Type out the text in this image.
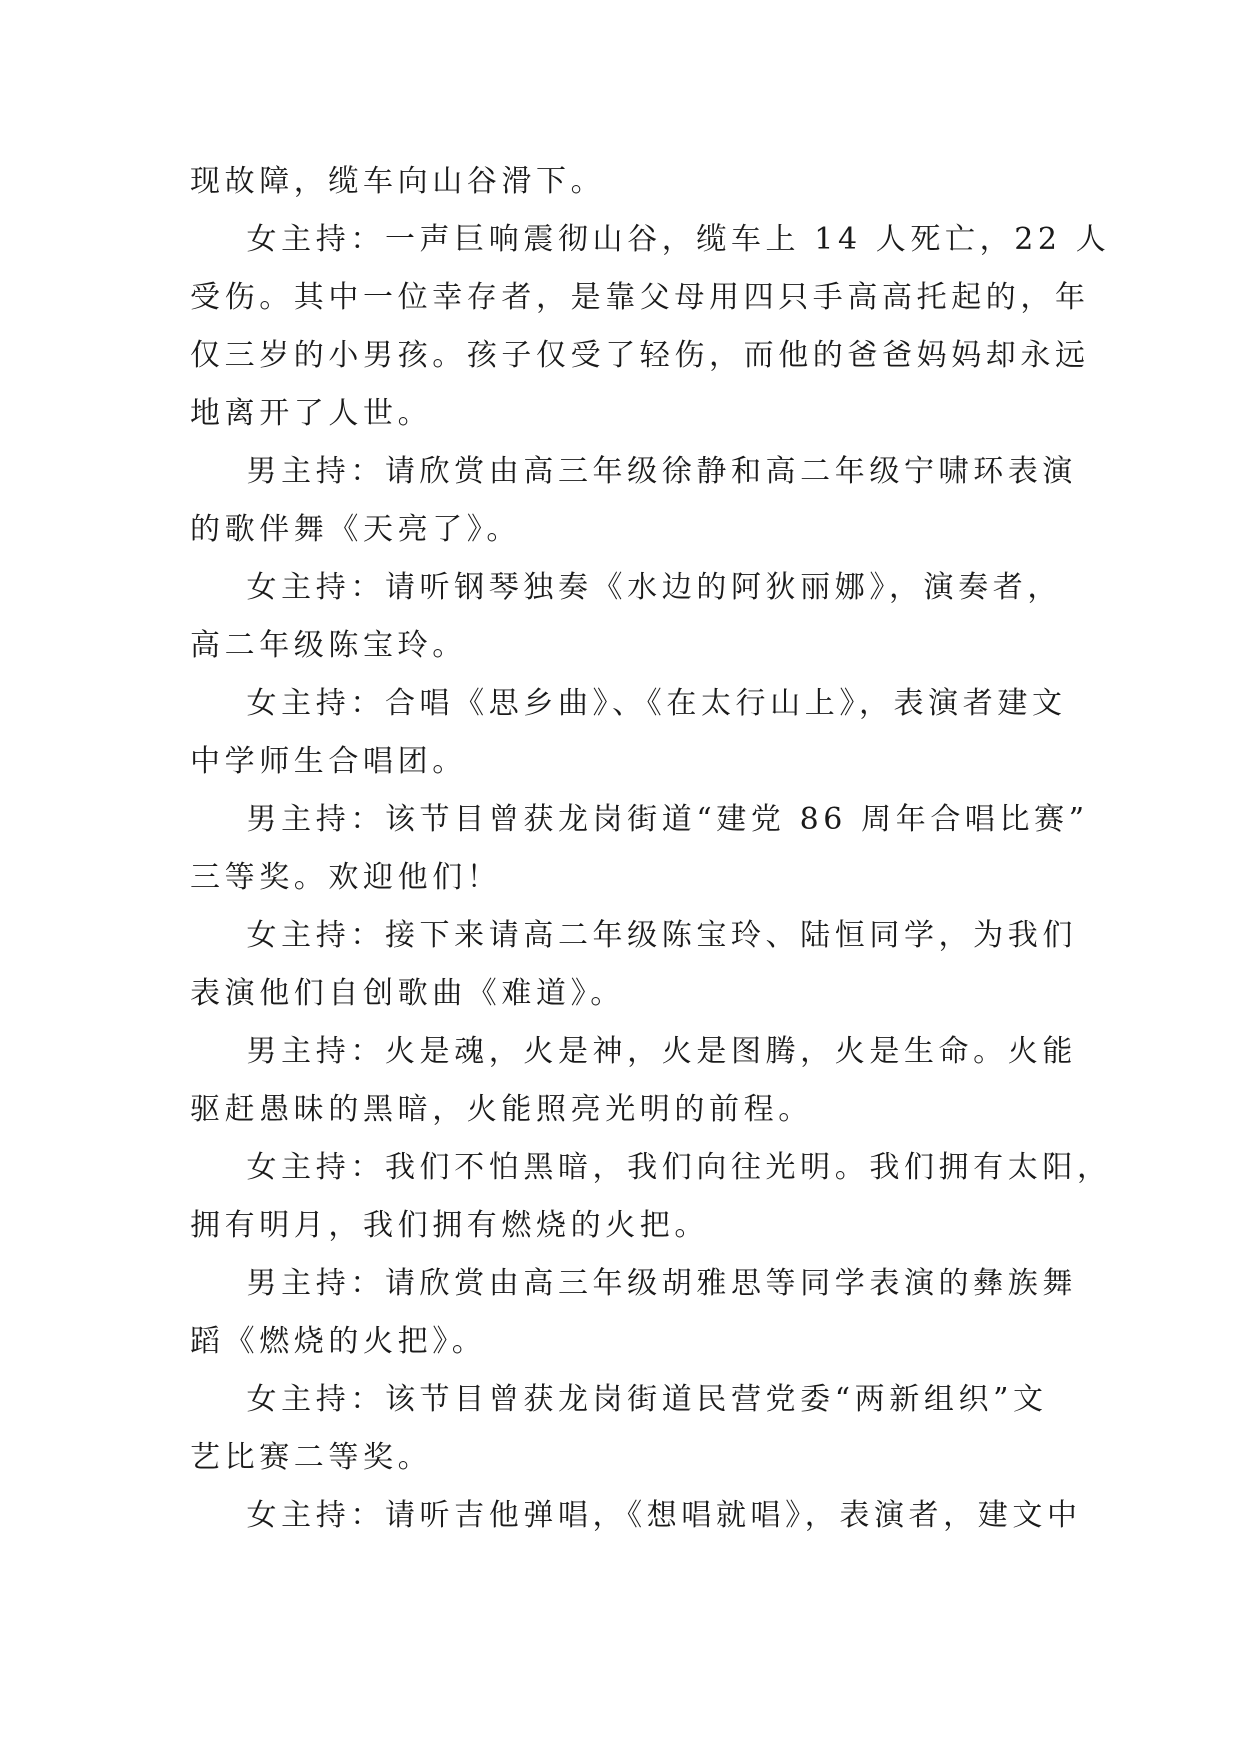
现故障，缆车向山谷滑下。
女主持：一声巨响震彻山谷，缆车上 14 人死亡，22 人
受伤。其中一位幸存者，是靠父母用四只手高高托起的，年
仅三岁的小男孩。孩子仅受了轻伤，而他的爸爸妈妈却永远
地离开了人世。
男主持：请欣赏由高三年级徐静和高二年级宁啸环表演
的歌伴舞《天亮了》。
女主持：请听钢琴独奏《水边的阿狄丽娜》，演奏者，
高二年级陈宝玲。
女主持：合唱《思乡曲》、《在太行山上》，表演者建文
中学师生合唱团。
男主持：该节目曾获龙岗街道“建党 86 周年合唱比赛”
三等奖。欢迎他们！
女主持：接下来请高二年级陈宝玲、陆恒同学，为我们
表演他们自创歌曲《难道》。
男主持：火是魂，火是神，火是图腾，火是生命。火能
驱赶愚昧的黑暗，火能照亮光明的前程。
女主持：我们不怕黑暗，我们向往光明。我们拥有太阳，
拥有明月，我们拥有燃烧的火把。
男主持：请欣赏由高三年级胡雅思等同学表演的彝族舞
蹈《燃烧的火把》。
女主持：该节目曾获龙岗街道民营党委“两新组织”文
艺比赛二等奖。
女主持：请听吉他弹唱，《想唱就唱》，表演者，建文中
